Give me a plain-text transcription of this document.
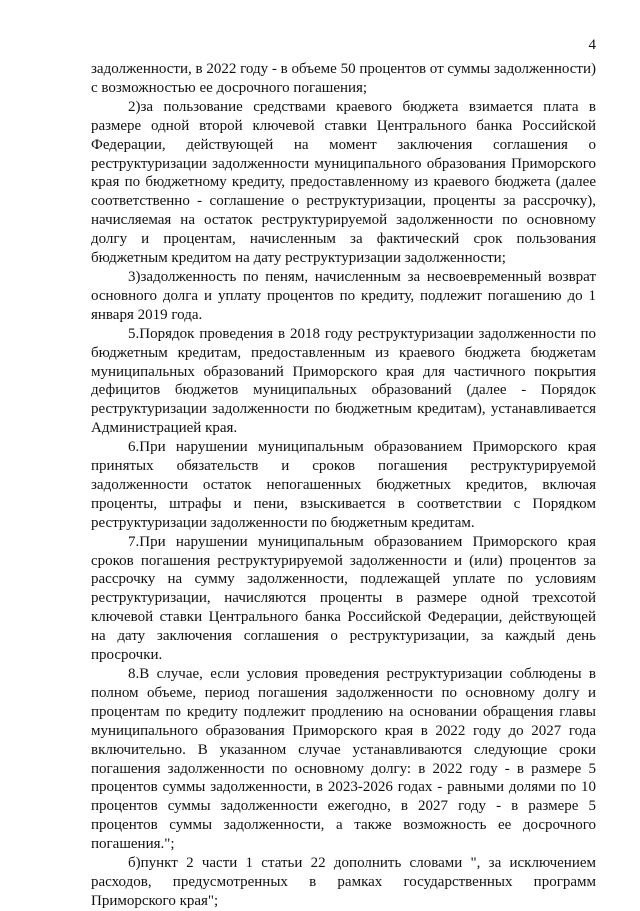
4

задолженности, в 2022 году - в объеме 50 процентов от суммы задолженности) с возможностью ее досрочного погашения;

2)за пользование средствами краевого бюджета взимается плата в размере одной второй ключевой ставки Центрального банка Российской Федерации, действующей на момент заключения соглашения о реструктуризации задолженности муниципального образования Приморского края по бюджетному кредиту, предоставленному из краевого бюджета (далее соответственно - соглашение о реструктуризации, проценты за рассрочку), начисляемая на остаток реструктурируемой задолженности по основному долгу и процентам, начисленным за фактический срок пользования бюджетным кредитом на дату реструктуризации задолженности;

3)задолженность по пеням, начисленным за несвоевременный возврат основного долга и уплату процентов по кредиту, подлежит погашению до 1 января 2019 года.

5.Порядок проведения в 2018 году реструктуризации задолженности по бюджетным кредитам, предоставленным из краевого бюджета бюджетам муниципальных образований Приморского края для частичного покрытия дефицитов бюджетов муниципальных образований (далее - Порядок реструктуризации задолженности по бюджетным кредитам), устанавливается Администрацией края.

6.При нарушении муниципальным образованием Приморского края принятых обязательств и сроков погашения реструктурируемой задолженности остаток непогашенных бюджетных кредитов, включая проценты, штрафы и пени, взыскивается в соответствии с Порядком реструктуризации задолженности по бюджетным кредитам.

7.При нарушении муниципальным образованием Приморского края сроков погашения реструктурируемой задолженности и (или) процентов за рассрочку на сумму задолженности, подлежащей уплате по условиям реструктуризации, начисляются проценты в размере одной трехсотой ключевой ставки Центрального банка Российской Федерации, действующей на дату заключения соглашения о реструктуризации, за каждый день просрочки.

8.В случае, если условия проведения реструктуризации соблюдены в полном объеме, период погашения задолженности по основному долгу и процентам по кредиту подлежит продлению на основании обращения главы муниципального образования Приморского края в 2022 году до 2027 года включительно. В указанном случае устанавливаются следующие сроки погашения задолженности по основному долгу: в 2022 году - в размере 5 процентов суммы задолженности, в 2023-2026 годах - равными долями по 10 процентов суммы задолженности ежегодно, в 2027 году - в размере 5 процентов суммы задолженности, а также возможность ее досрочного погашения.";

б)пункт 2 части 1 статьи 22 дополнить словами ", за исключением расходов, предусмотренных в рамках государственных программ Приморского края";
